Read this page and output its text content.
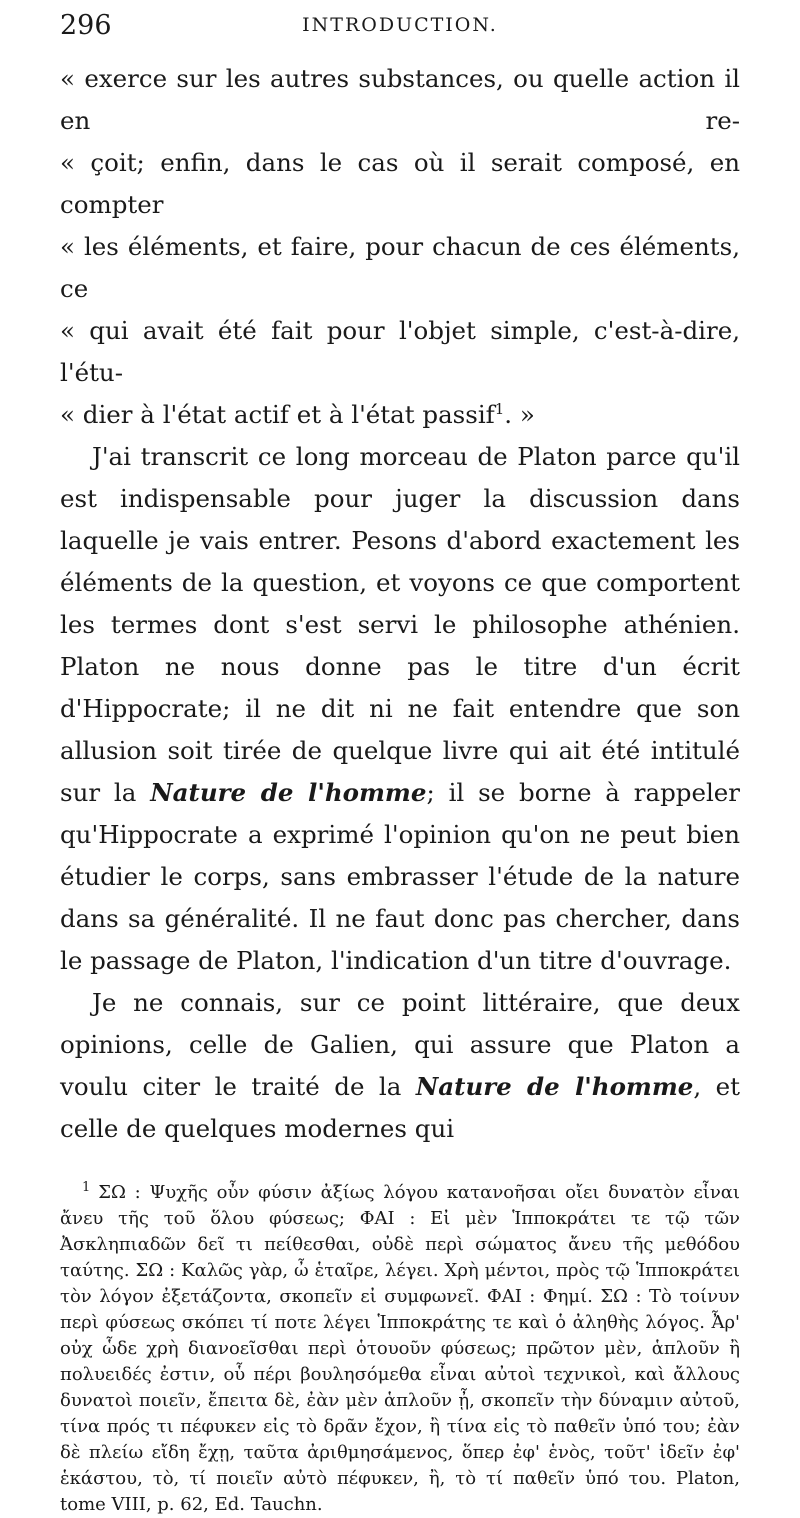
296	INTRODUCTION.

« exerce sur les autres substances, ou quelle action il en re-

« çoit; enfin, dans le cas où il serait composé, en compter

« les éléments, et faire, pour chacun de ces éléments, ce

« qui avait été fait pour l'objet simple, c'est-à-dire, l'étu-

« dier à l'état actif et à l'état passif$^1$. »

J'ai transcrit ce long morceau de Platon parce qu'il est indispensable pour juger la discussion dans laquelle je vais entrer. Pesons d'abord exactement les éléments de la question, et voyons ce que comportent les termes dont s'est servi le philosophe athénien. Platon ne nous donne pas le titre d'un écrit d'Hippocrate; il ne dit ni ne fait entendre que son allusion soit tirée de quelque livre qui ait été intitulé sur la Nature de l'homme; il se borne à rappeler qu'Hippocrate a exprimé l'opinion qu'on ne peut bien étudier le corps, sans embrasser l'étude de la nature dans sa généralité. Il ne faut donc pas chercher, dans le passage de Platon, l'indication d'un titre d'ouvrage.

Je ne connais, sur ce point littéraire, que deux opinions, celle de Galien, qui assure que Platon a voulu citer le traité de la Nature de l'homme, et celle de quelques modernes qui

$^1$ ΣΩ : Ψυχῆς οὖν φύσιν ἀξίως λόγου κατανοῆσαι οἴει δυνατὸν εἶναι ἄνευ τῆς τοῦ ὅλου φύσεως; ΦΑΙ : Εἰ μὲν Ἱπποκράτει τε τῷ τῶν Ἀσκληπιαδῶν δεῖ τι πείθεσθαι, οὐδὲ περὶ σώματος ἄνευ τῆς μεθόδου ταύτης. ΣΩ : Καλῶς γὰρ, ὦ ἑταῖρε, λέγει. Χρὴ μέντοι, πρὸς τῷ Ἱπποκράτει τὸν λόγον ἐξετάζοντα, σκοπεῖν εἰ συμφωνεῖ. ΦΑΙ : Φημί. ΣΩ : Τὸ τοίνυν περὶ φύσεως σκόπει τί ποτε λέγει Ἱπποκράτης τε καὶ ὁ ἀληθὴς λόγος. Ἆρ' οὐχ ὧδε χρὴ διανοεῖσθαι περὶ ὁτουοῦν φύσεως; πρῶτον μὲν, ἁπλοῦν ἢ πολυειδές ἐστιν, οὗ πέρι βουλησόμεθα εἶναι αὐτοὶ τεχνικοὶ, καὶ ἄλλους δυνατοὶ ποιεῖν, ἔπειτα δὲ, ἐὰν μὲν ἁπλοῦν ᾖ, σκοπεῖν τὴν δύναμιν αὐτοῦ, τίνα πρός τι πέφυκεν εἰς τὸ δρᾶν ἔχον, ἢ τίνα εἰς τὸ παθεῖν ὑπό του; ἐὰν δὲ πλείω εἴδη ἔχῃ, ταῦτα ἀριθμησάμενος, ὅπερ ἐφ' ἑνὸς, τοῦτ' ἰδεῖν ἐφ' ἑκάστου, τὸ, τί ποιεῖν αὐτὸ πέφυκεν, ἢ, τὸ τί παθεῖν ὑπό του. Platon, tome VIII, p. 62, Ed. Tauchn.
